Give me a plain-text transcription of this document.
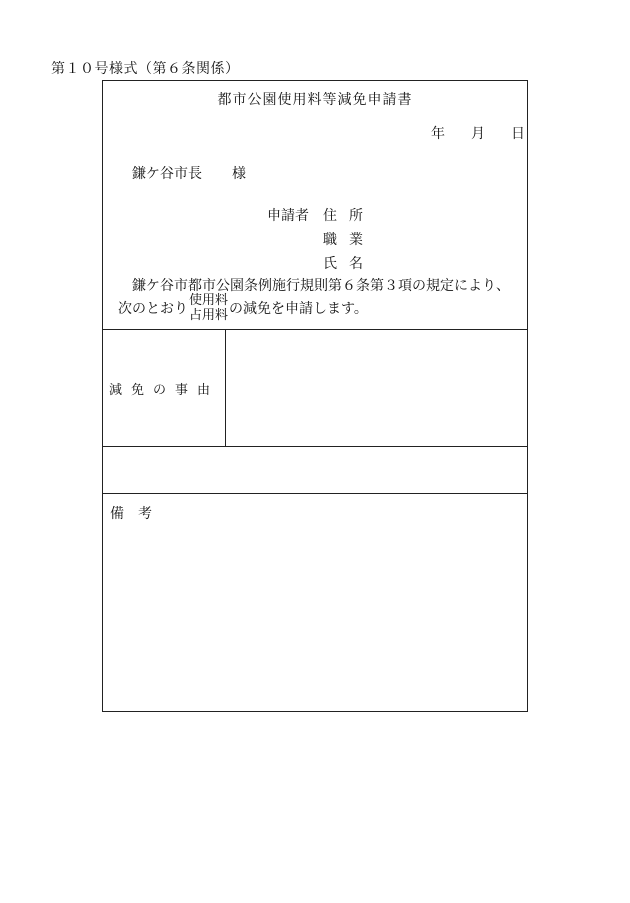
第１０号様式（第６条関係）
都市公園使用料等減免申請書
年 月 日
鎌ケ谷市長 様
申請者 住所
職業
氏名
鎌ケ谷市都市公園条例施行規則第６条第３項の規定により、
次のとおり
使用料
占用料 の減免を申請します。
減免の事由
備考
